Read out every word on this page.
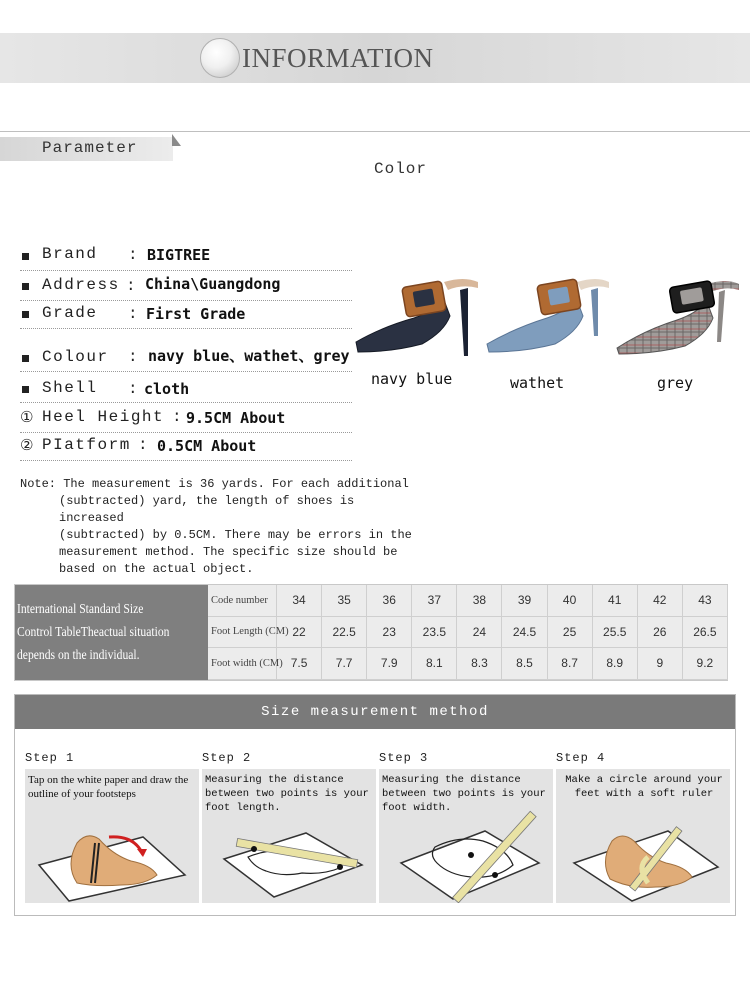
INFORMATION
Parameter
Color
Brand : BIGTREE
Address : China\Guangdong
Grade : First Grade
Colour : navy blue、wathet、grey
Shell : cloth
① Heel Height : 9.5CM About
② PIatform : 0.5CM About
Note: The measurement is 36 yards. For each additional
(subtracted) yard, the length of shoes is increased
(subtracted) by 0.5CM. There may be errors in the
measurement method. The specific size should be
based on the actual object.
navy blue	wathet	grey
International Standard Size
Control TableTheactual situation
depends on the individual.
Code number	34	35	36	37	38	39	40	41	42	43
Foot Length (CM) 22	22.5	23	23.5	24	24.5	25	25.5	26	26.5
Foot width (CM) 7.5	7.7	7.9	8.1	8.3	8.5	8.7	8.9	9	9.2
Size measurement method
Step 1
Tap on the white paper and draw the outline of your footsteps
Step 2
Measuring the distance between two points is your foot length.
Step 3
Measuring the distance between two points is your foot width.
Step 4
Make a circle around your feet with a soft ruler
